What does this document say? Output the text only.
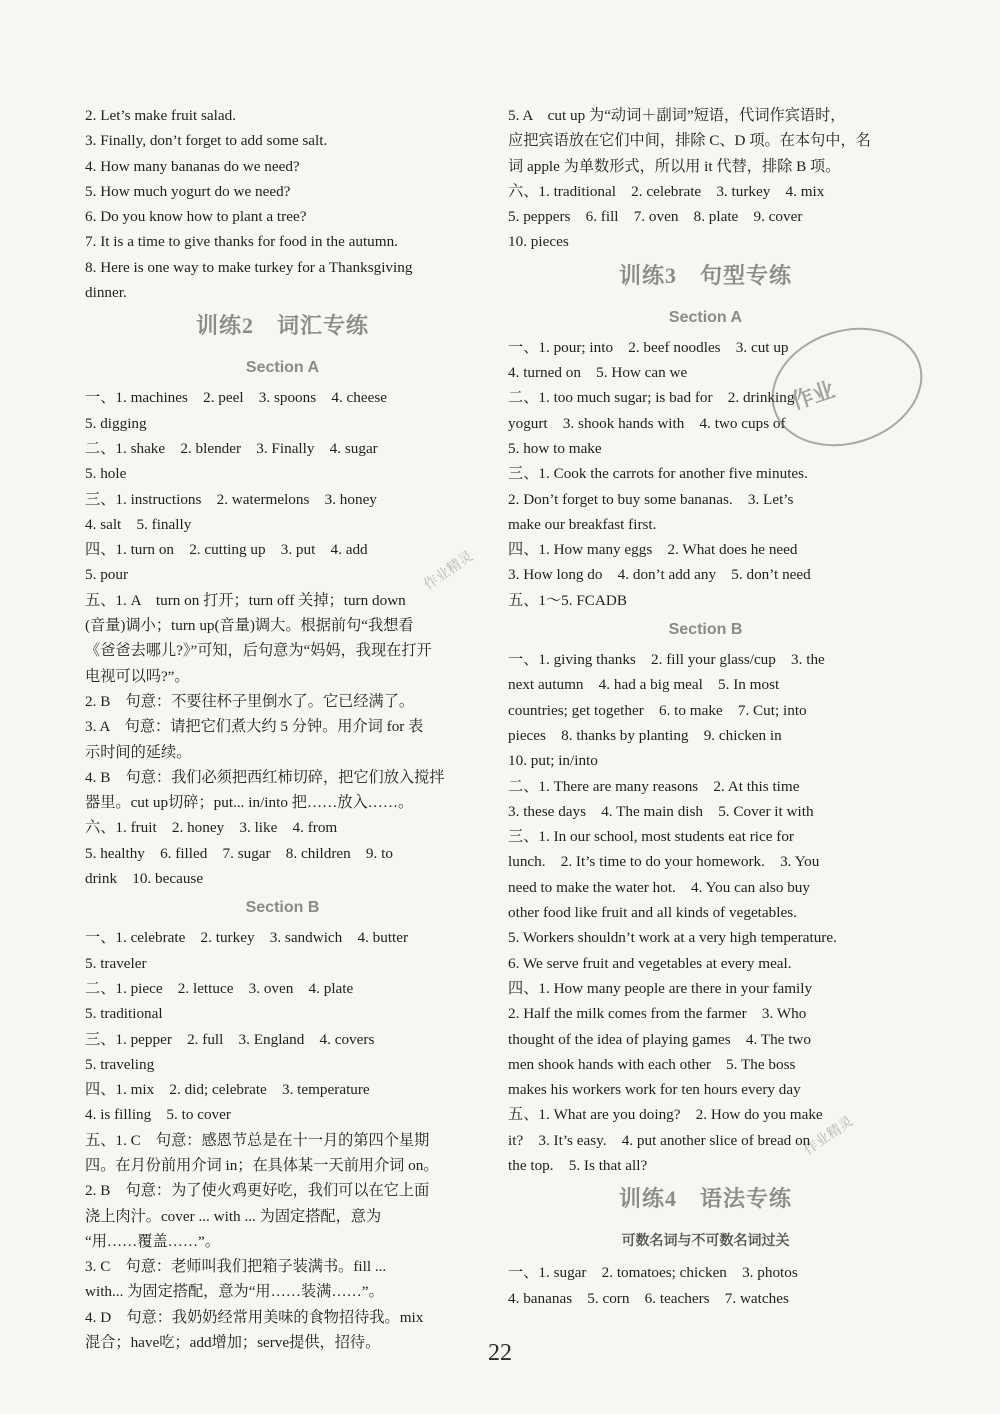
2. Let’s make fruit salad.
3. Finally, don’t forget to add some salt.
4. How many bananas do we need?
5. How much yogurt do we need?
6. Do you know how to plant a tree?
7. It is a time to give thanks for food in the autumn.
8. Here is one way to make turkey for a Thanksgiving
dinner.
训练2　词汇专练
Section A
一、1. machines　2. peel　3. spoons　4. cheese
5. digging
二、1. shake　2. blender　3. Finally　4. sugar
5. hole
三、1. instructions　2. watermelons　3. honey
4. salt　5. finally
四、1. turn on　2. cutting up　3. put　4. add
5. pour
五、1. A　turn on 打开；turn off 关掉；turn down
(音量)调小；turn up(音量)调大。根据前句“我想看
《爸爸去哪儿?》”可知，后句意为“妈妈，我现在打开
电视可以吗?”。
2. B　句意：不要往杯子里倒水了。它已经满了。
3. A　句意：请把它们煮大约 5 分钟。用介词 for 表
示时间的延续。
4. B　句意：我们必须把西红柿切碎，把它们放入搅拌
器里。cut up切碎；put... in/into 把……放入……。
六、1. fruit　2. honey　3. like　4. from
5. healthy　6. filled　7. sugar　8. children　9. to
drink　10. because
Section B
一、1. celebrate　2. turkey　3. sandwich　4. butter
5. traveler
二、1. piece　2. lettuce　3. oven　4. plate
5. traditional
三、1. pepper　2. full　3. England　4. covers
5. traveling
四、1. mix　2. did; celebrate　3. temperature
4. is filling　5. to cover
五、1. C　句意：感恩节总是在十一月的第四个星期
四。在月份前用介词 in；在具体某一天前用介词 on。
2. B　句意：为了使火鸡更好吃，我们可以在它上面
浇上肉汁。cover ... with ... 为固定搭配，意为
“用……覆盖……”。
3. C　句意：老师叫我们把箱子装满书。fill ...
with... 为固定搭配，意为“用……装满……”。
4. D　句意：我奶奶经常用美味的食物招待我。mix
混合；have吃；add增加；serve提供，招待。
5. A　cut up 为“动词＋副词”短语，代词作宾语时，
应把宾语放在它们中间，排除 C、D 项。在本句中，名
词 apple 为单数形式，所以用 it 代替，排除 B 项。
六、1. traditional　2. celebrate　3. turkey　4. mix
5. peppers　6. fill　7. oven　8. plate　9. cover
10. pieces
训练3　句型专练
Section A
一、1. pour; into　2. beef noodles　3. cut up
4. turned on　5. How can we
二、1. too much sugar; is bad for　2. drinking
yogurt　3. shook hands with　4. two cups of
5. how to make
三、1. Cook the carrots for another five minutes.
2. Don’t forget to buy some bananas.　3. Let’s
make our breakfast first.
四、1. How many eggs　2. What does he need
3. How long do　4. don’t add any　5. don’t need
五、1～5. FCADB
Section B
一、1. giving thanks　2. fill your glass/cup　3. the
next autumn　4. had a big meal　5. In most
countries; get together　6. to make　7. Cut; into
pieces　8. thanks by planting　9. chicken in
10. put; in/into
二、1. There are many reasons　2. At this time
3. these days　4. The main dish　5. Cover it with
三、1. In our school, most students eat rice for
lunch.　2. It’s time to do your homework.　3. You
need to make the water hot.　4. You can also buy
other food like fruit and all kinds of vegetables.
5. Workers shouldn’t work at a very high temperature.
6. We serve fruit and vegetables at every meal.
四、1. How many people are there in your family
2. Half the milk comes from the farmer　3. Who
thought of the idea of playing games　4. The two
men shook hands with each other　5. The boss
makes his workers work for ten hours every day
五、1. What are you doing?　2. How do you make
it?　3. It’s easy.　4. put another slice of bread on
the top.　5. Is that all?
训练4　语法专练
可数名词与不可数名词过关
一、1. sugar　2. tomatoes; chicken　3. photos
4. bananas　5. corn　6. teachers　7. watches
作业
作业精灵
作业精灵
22
